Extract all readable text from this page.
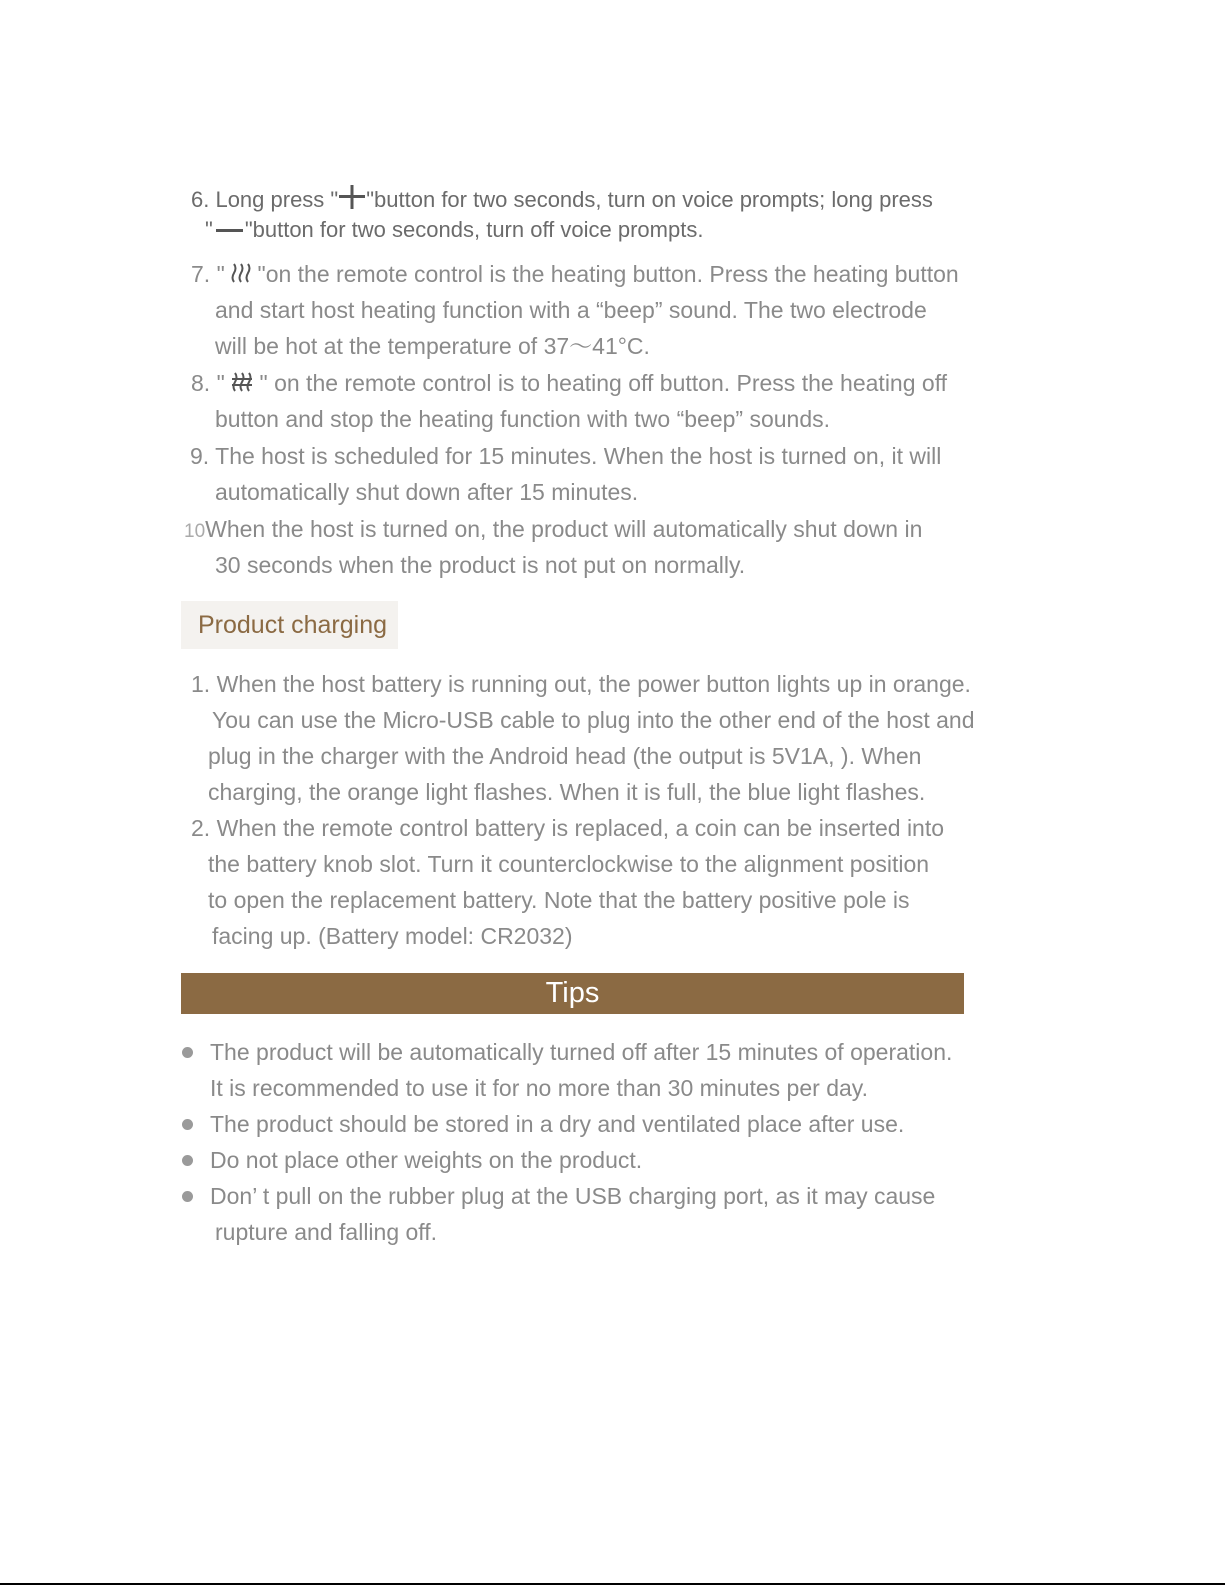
6. Long press " "button for two seconds, turn on voice prompts; long press
" "button for two seconds, turn off voice prompts.
7. "  "on the remote control is the heating button. Press the heating button
and start host heating function with a “beep” sound. The two electrode
will be hot at the temperature of 37～41°C.
8. "  " on the remote control is to heating off button. Press the heating off
button and stop the heating function with two “beep” sounds.
9. The host is scheduled for 15 minutes. When the host is turned on, it will
automatically shut down after 15 minutes.
10When the host is turned on, the product will automatically shut down in
30 seconds when the product is not put on normally.
Product charging
1. When the host battery is running out, the power button lights up in orange.
You can use the Micro-USB cable to plug into the other end of the host and
plug in the charger with the Android head (the output is 5V1A, ). When
charging, the orange light flashes. When it is full, the blue light flashes.
2. When the remote control battery is replaced, a coin can be inserted into
the battery knob slot. Turn it counterclockwise to the alignment position
to open the replacement battery. Note that the battery positive pole is
facing up. (Battery model: CR2032)
Tips
The product will be automatically turned off after 15 minutes of operation.
It is recommended to use it for no more than 30 minutes per day.
The product should be stored in a dry and ventilated place after use.
Do not place other weights on the product.
Don’ t pull on the rubber plug at the USB charging port, as it may cause
rupture and falling off.
